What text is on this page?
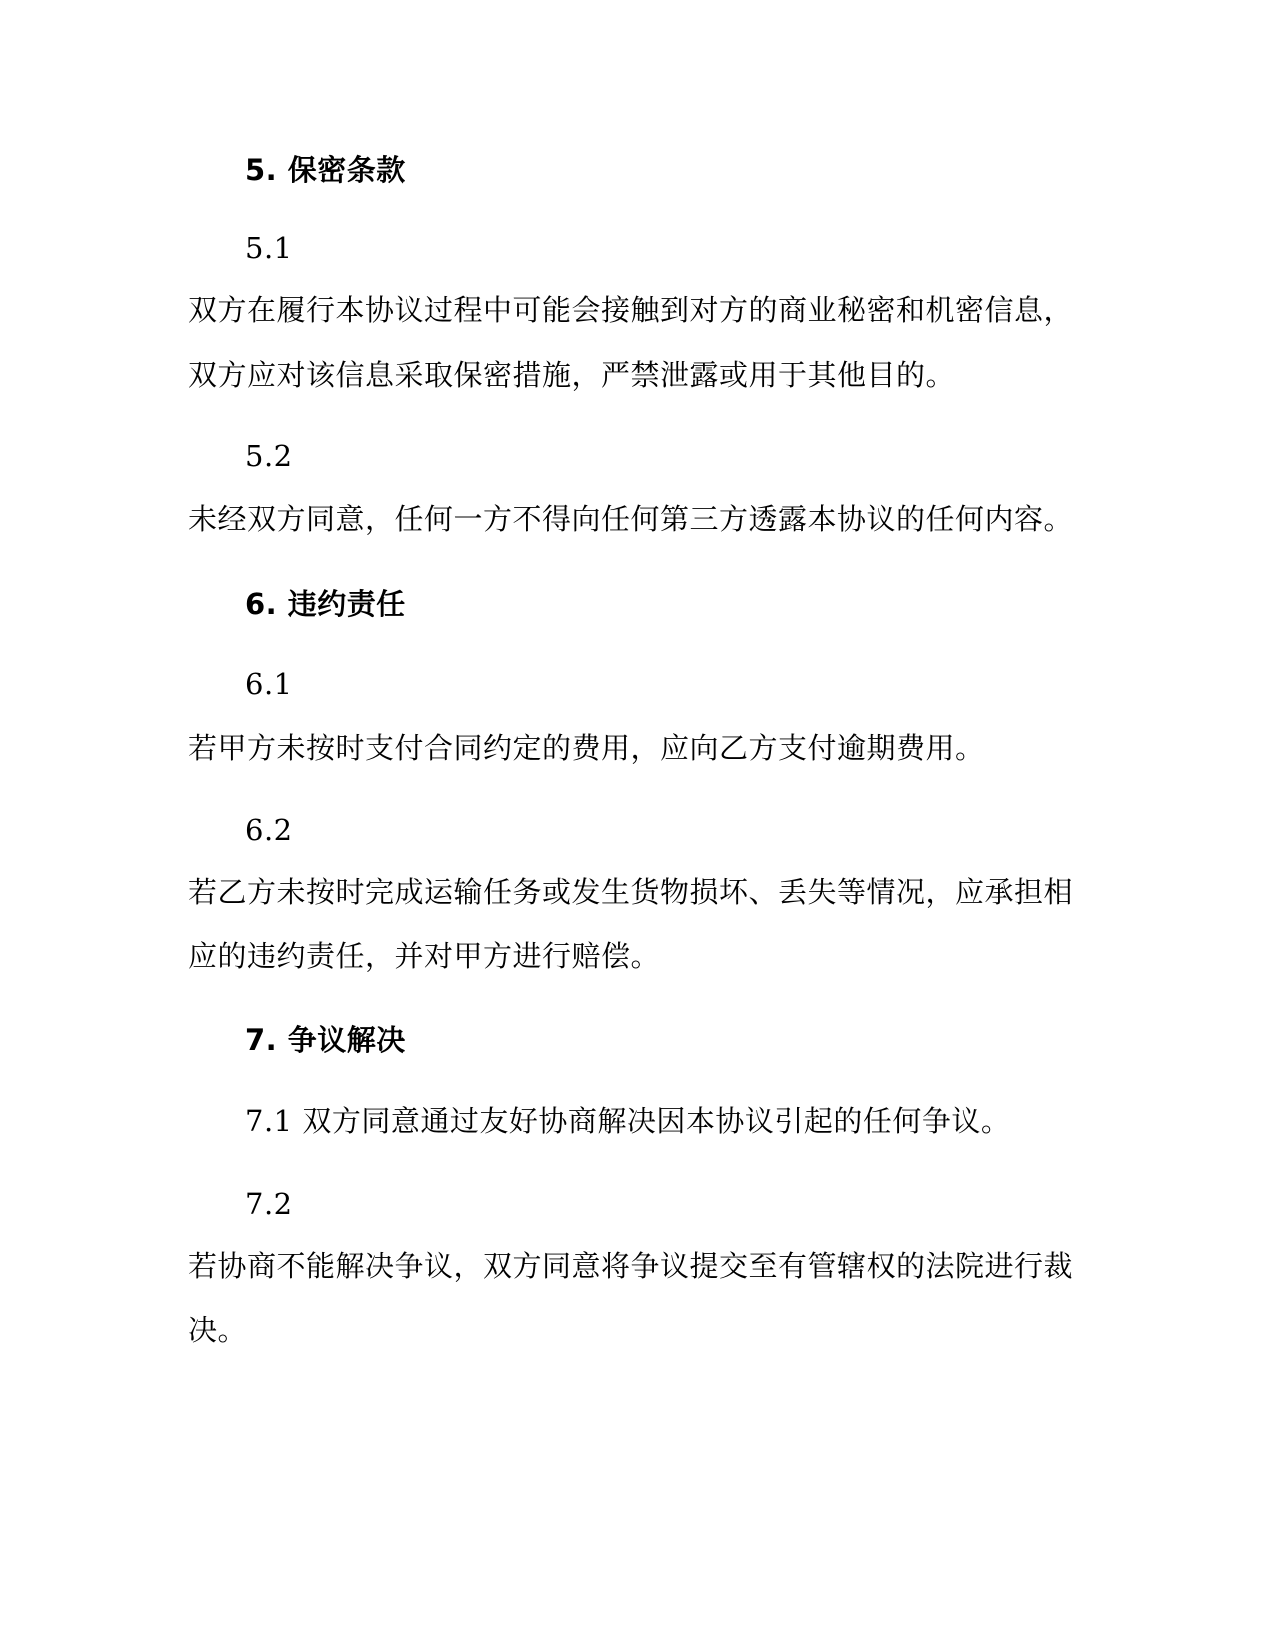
5. 保密条款
5.1
双方在履行本协议过程中可能会接触到对方的商业秘密和机密信息，
双方应对该信息采取保密措施，严禁泄露或用于其他目的。
5.2
未经双方同意，任何一方不得向任何第三方透露本协议的任何内容。
6. 违约责任
6.1
若甲方未按时支付合同约定的费用，应向乙方支付逾期费用。
6.2
若乙方未按时完成运输任务或发生货物损坏、丢失等情况，应承担相
应的违约责任，并对甲方进行赔偿。
7. 争议解决
7.1 双方同意通过友好协商解决因本协议引起的任何争议。
7.2
若协商不能解决争议，双方同意将争议提交至有管辖权的法院进行裁
决。
